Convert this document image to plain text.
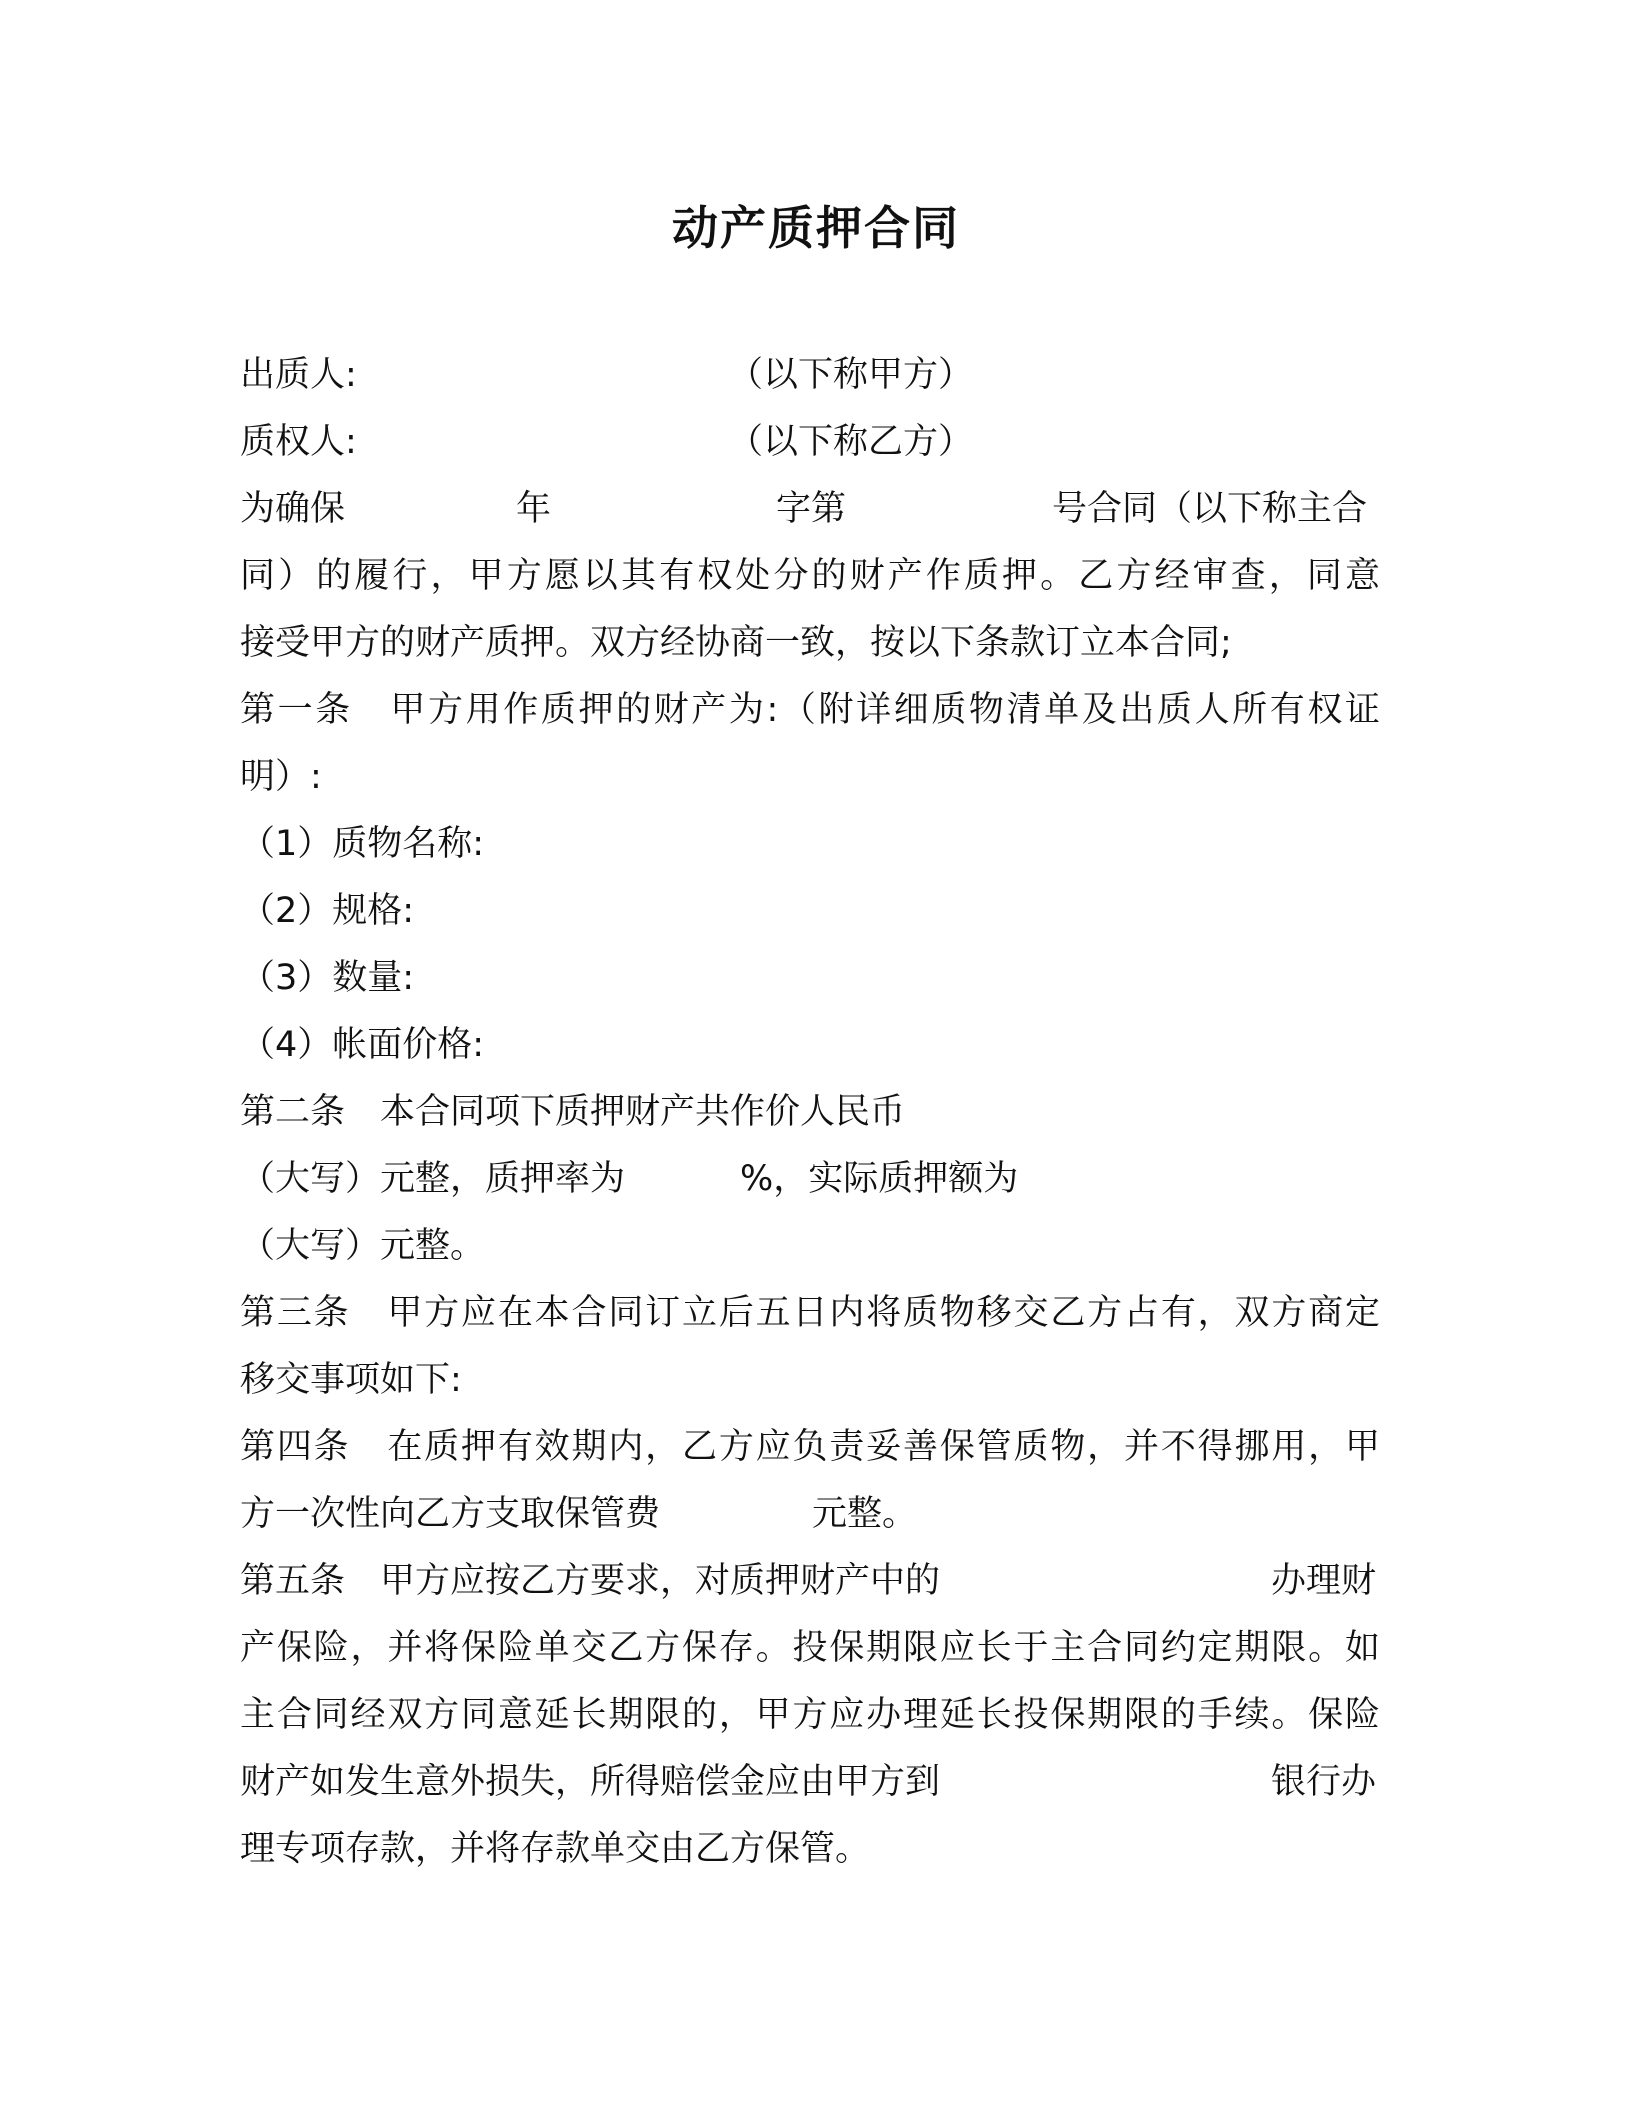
动产质押合同
出质人:	（以下称甲方）
质权人:	（以下称乙方）
为确保	年	字第	号合同（以下称主合
同）的履行，甲方愿以其有权处分的财产作质押。乙方经审查，同意
接受甲方的财产质押。双方经协商一致，按以下条款订立本合同;
第一条　甲方用作质押的财产为:（附详细质物清单及出质人所有权证
明）:
（1）质物名称:
（2）规格:
（3）数量:
（4）帐面价格:
第二条　本合同项下质押财产共作价人民币
（大写）元整，质押率为	%，实际质押额为
（大写）元整。
第三条　甲方应在本合同订立后五日内将质物移交乙方占有，双方商定
移交事项如下:
第四条　在质押有效期内，乙方应负责妥善保管质物，并不得挪用，甲
方一次性向乙方支取保管费	元整。
第五条　甲方应按乙方要求，对质押财产中的	办理财
产保险，并将保险单交乙方保存。投保期限应长于主合同约定期限。如
主合同经双方同意延长期限的，甲方应办理延长投保期限的手续。保险
财产如发生意外损失，所得赔偿金应由甲方到	银行办
理专项存款，并将存款单交由乙方保管。
